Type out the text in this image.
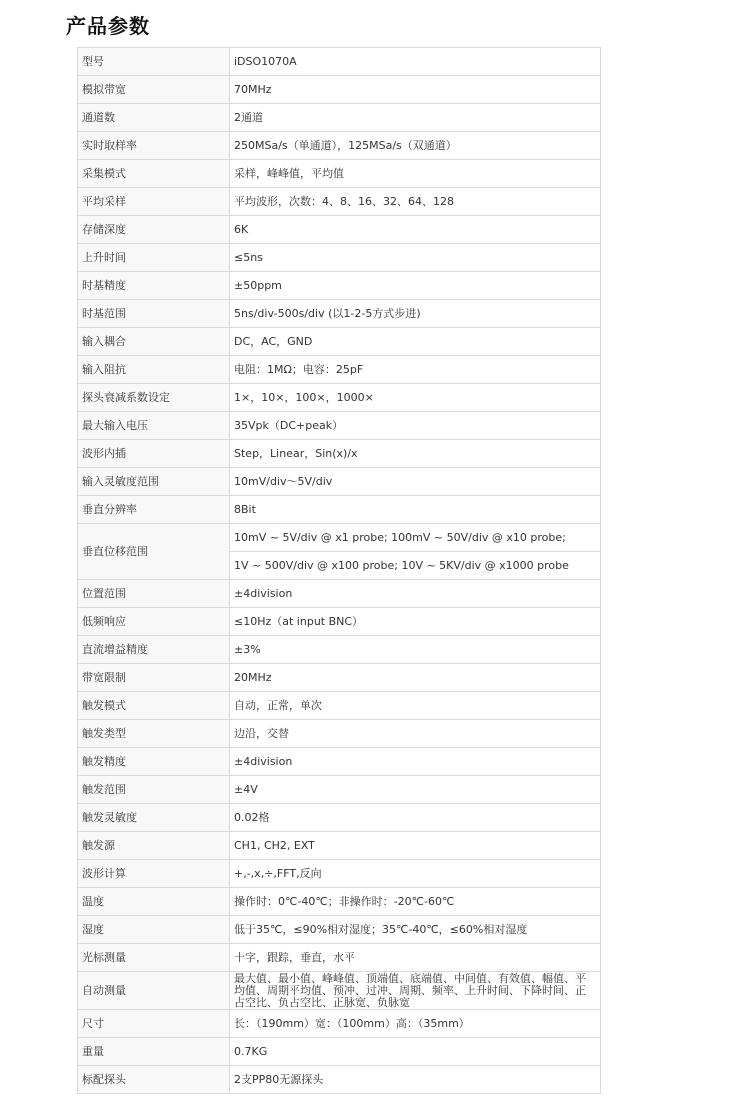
产品参数
型号	iDSO1070A
模拟带宽	70MHz
通道数	2通道
实时取样率	250MSa/s（单通道），125MSa/s（双通道）
采集模式	采样，峰峰值，平均值
平均采样	平均波形，次数：4、8、16、32、64、128
存储深度	6K
上升时间	≤5ns
时基精度	±50ppm
时基范围	5ns/div-500s/div (以1-2-5方式步进)
输入耦合	DC，AC，GND
输入阻抗	电阻：1MΩ；电容：25pF
探头衰减系数设定	1×，10×，100×，1000×
最大输入电压	35Vpk（DC+peak）
波形内插	Step，Linear，Sin(x)/x
输入灵敏度范围	10mV/div～5V/div
垂直分辨率	8Bit
垂直位移范围	10mV ~ 5V/div @ x1 probe; 100mV ~ 50V/div @ x10 probe;
	1V ~ 500V/div @ x100 probe; 10V ~ 5KV/div @ x1000 probe
位置范围	±4division
低频响应	≤10Hz（at input BNC）
直流增益精度	±3%
带宽限制	20MHz
触发模式	自动，正常，单次
触发类型	边沿，交替
触发精度	±4division
触发范围	±4V
触发灵敏度	0.02格
触发源	CH1, CH2, EXT
波形计算	+,-,x,÷,FFT,反向
温度	操作时：0℃-40℃；非操作时：-20℃-60℃
湿度	低于35℃，≤90%相对湿度；35℃-40℃，≤60%相对湿度
光标测量	十字，跟踪，垂直，水平
自动测量	最大值、最小值、峰峰值、顶端值、底端值、中间值、有效值、幅值、平均值、周期平均值、预冲、过冲、周期、频率、上升时间、下降时间、正占空比、负占空比、正脉宽、负脉宽
尺寸	长：（190mm）宽：（100mm）高：（35mm）
重量	0.7KG
标配探头	2支PP80无源探头
